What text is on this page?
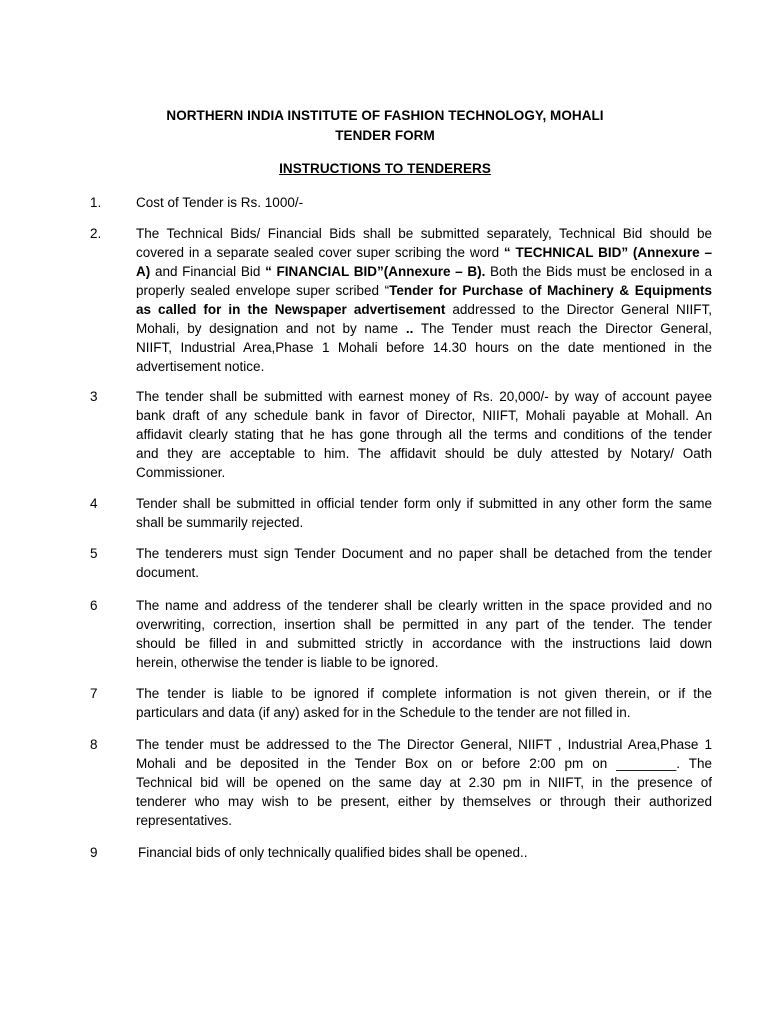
NORTHERN INDIA INSTITUTE OF FASHION TECHNOLOGY, MOHALI
TENDER FORM
INSTRUCTIONS TO TENDERERS
1.	Cost of Tender is Rs. 1000/-
2.	The Technical Bids/ Financial Bids shall be submitted separately, Technical Bid should be
covered in a separate sealed cover super scribing the word “ TECHNICAL BID” (Annexure –
A) and Financial Bid “ FINANCIAL BID”(Annexure – B). Both the Bids must be enclosed in a
properly sealed envelope super scribed “Tender for Purchase of Machinery & Equipments
as called for in the Newspaper advertisement addressed to the Director General NIIFT,
Mohali, by designation and not by name .. The Tender must reach the Director General,
NIIFT, Industrial Area,Phase 1 Mohali before 14.30 hours on the date mentioned in the
advertisement notice.
3	The tender shall be submitted with earnest money of Rs. 20,000/- by way of account payee
bank draft of any schedule bank in favor of Director, NIIFT, Mohali payable at Mohall. An
affidavit clearly stating that he has gone through all the terms and conditions of the tender
and they are acceptable to him. The affidavit should be duly attested by Notary/ Oath
Commissioner.
4	Tender shall be submitted in official tender form only if submitted in any other form the same
shall be summarily rejected.
5	The tenderers must sign Tender Document and no paper shall be detached from the tender
document.
6	The name and address of the tenderer shall be clearly written in the space provided and no
overwriting, correction, insertion shall be permitted in any part of the tender. The tender
should be filled in and submitted strictly in accordance with the instructions laid down
herein, otherwise the tender is liable to be ignored.
7	The tender is liable to be ignored if complete information is not given therein, or if the
particulars and data (if any) asked for in the Schedule to the tender are not filled in.
8	The tender must be addressed to the The Director General, NIIFT , Industrial Area,Phase 1
Mohali and be deposited in the Tender Box on or before 2:00 pm on ________. The
Technical bid will be opened on the same day at 2.30 pm in NIIFT, in the presence of
tenderer who may wish to be present, either by themselves or through their authorized
representatives.
9	Financial bids of only technically qualified bides shall be opened..
